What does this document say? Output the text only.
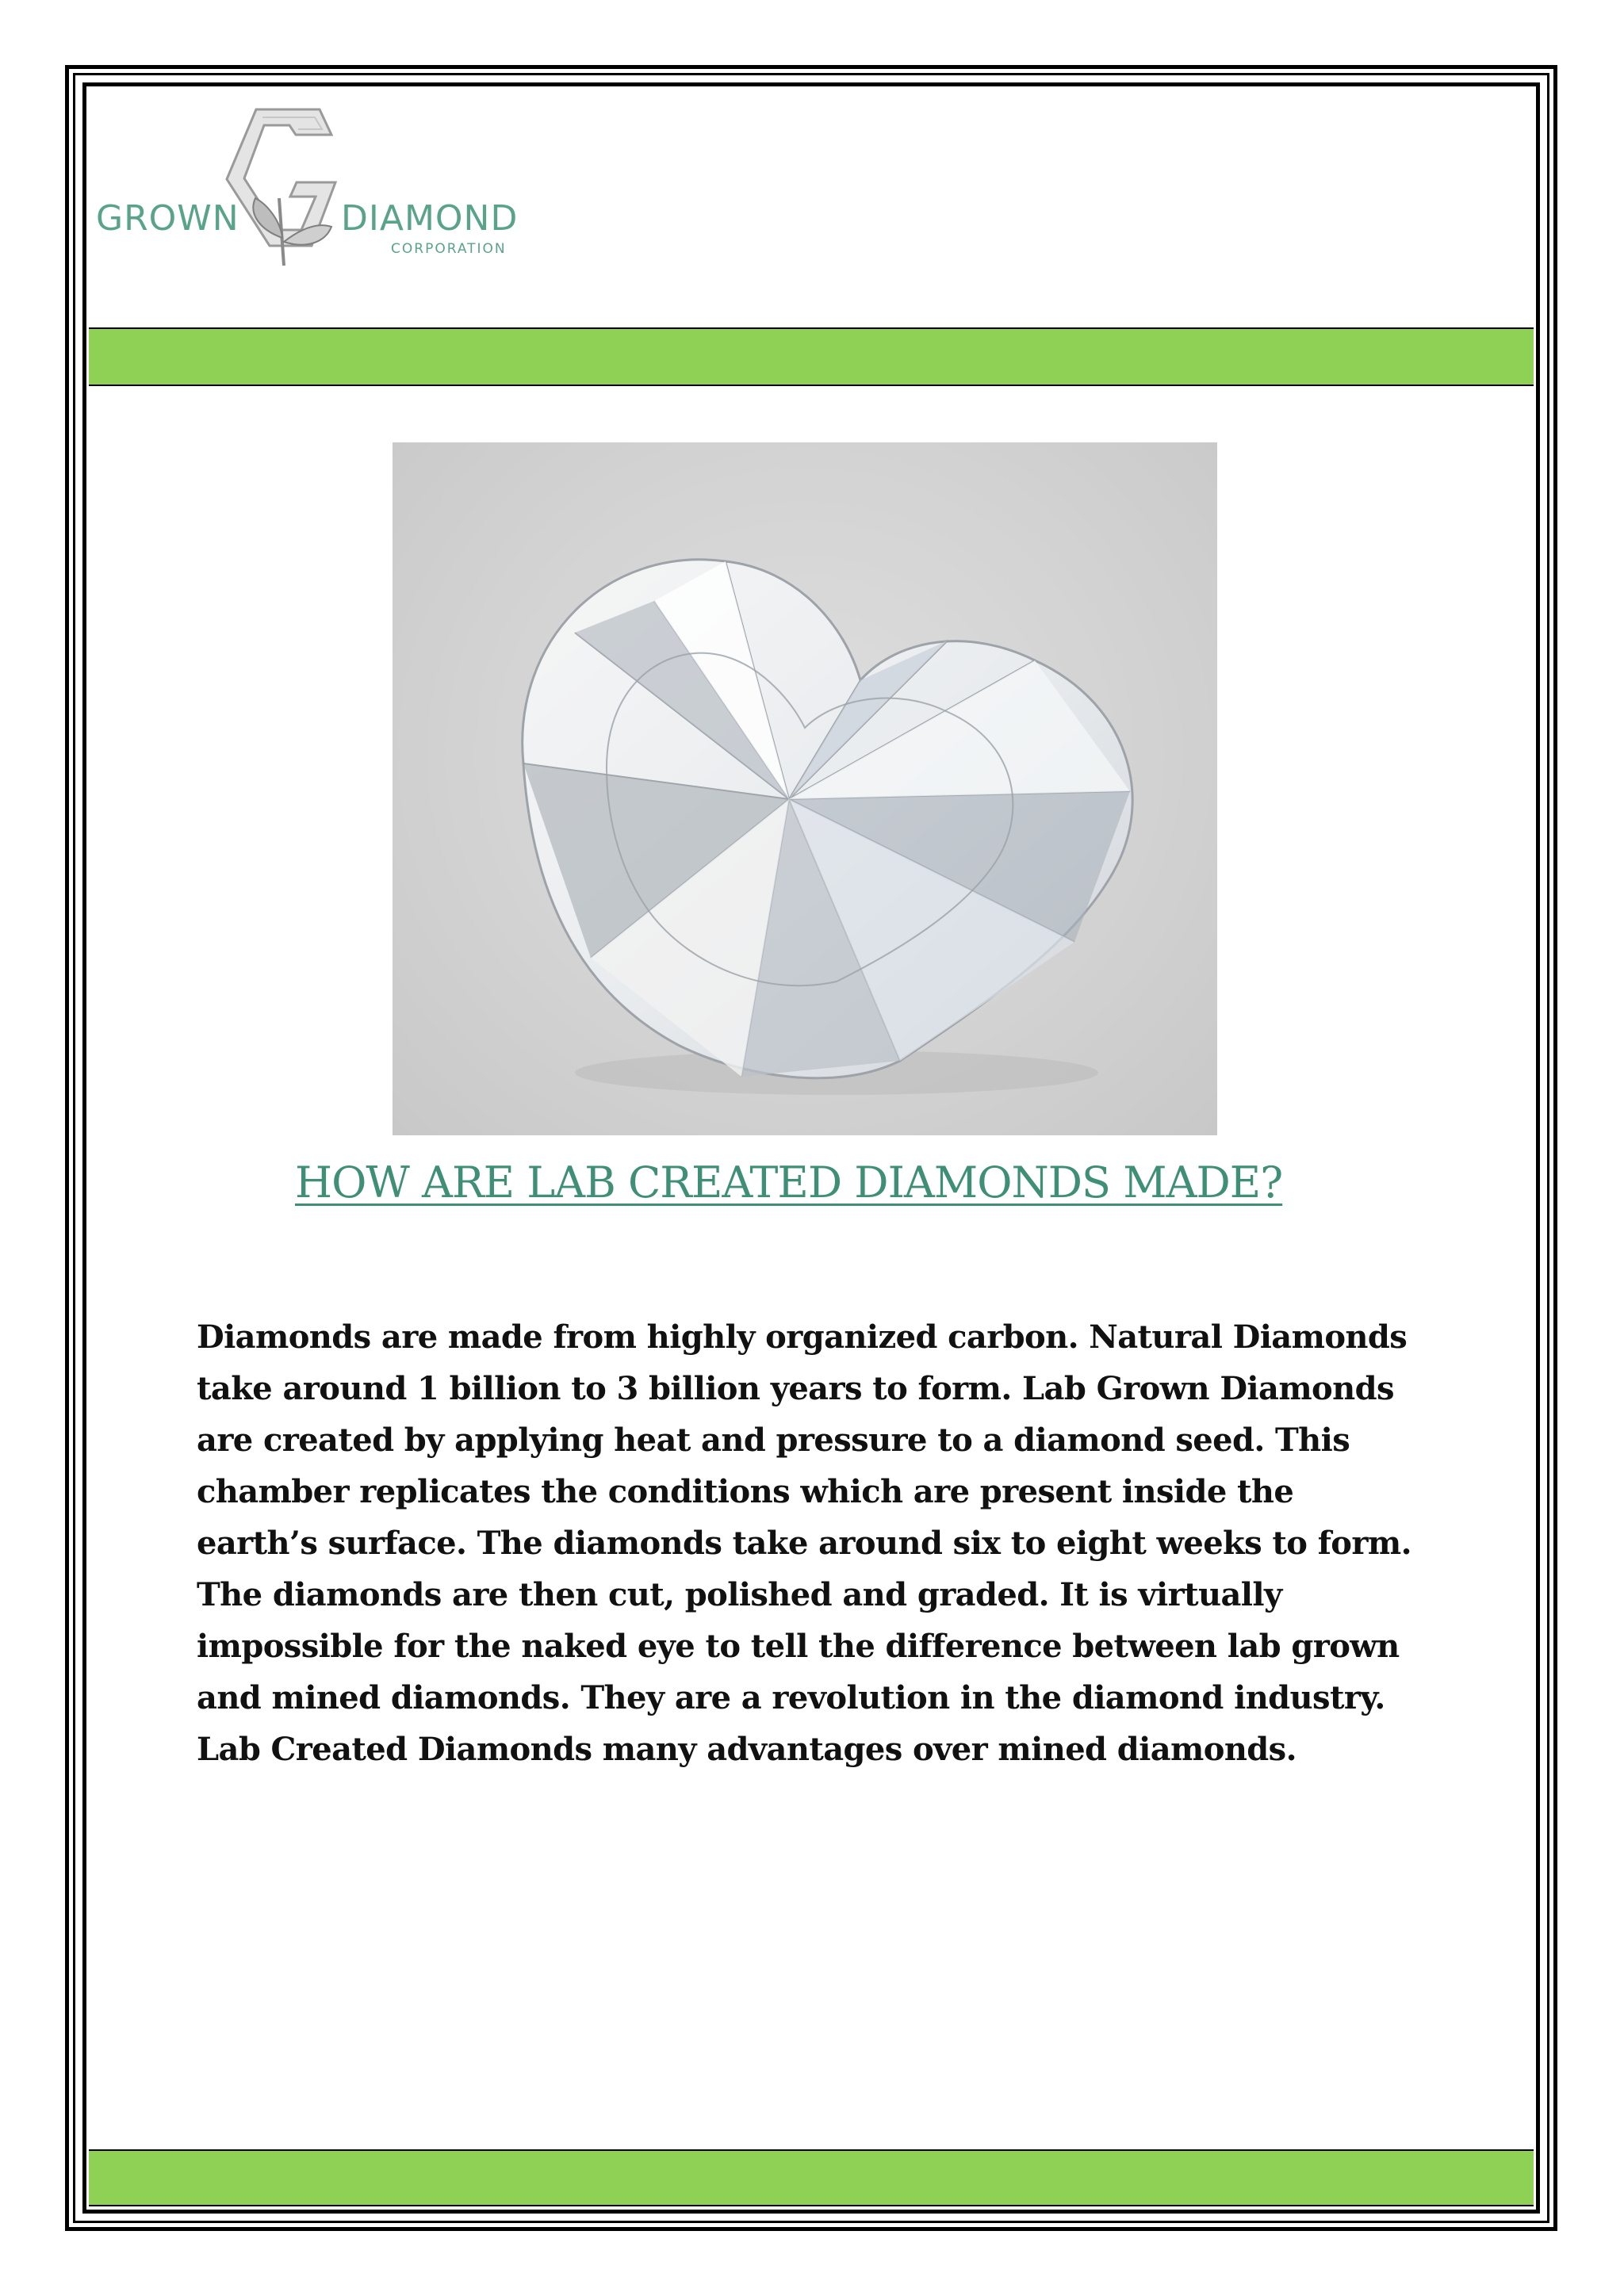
GROWN	DIAMOND
CORPORATION
HOW ARE LAB CREATED DIAMONDS MADE?
Diamonds are made from highly organized carbon. Natural Diamonds
take around 1 billion to 3 billion years to form. Lab Grown Diamonds
are created by applying heat and pressure to a diamond seed. This
chamber replicates the conditions which are present inside the
earth’s surface. The diamonds take around six to eight weeks to form.
The diamonds are then cut, polished and graded. It is virtually
impossible for the naked eye to tell the difference between lab grown
and mined diamonds. They are a revolution in the diamond industry.
Lab Created Diamonds many advantages over mined diamonds.
